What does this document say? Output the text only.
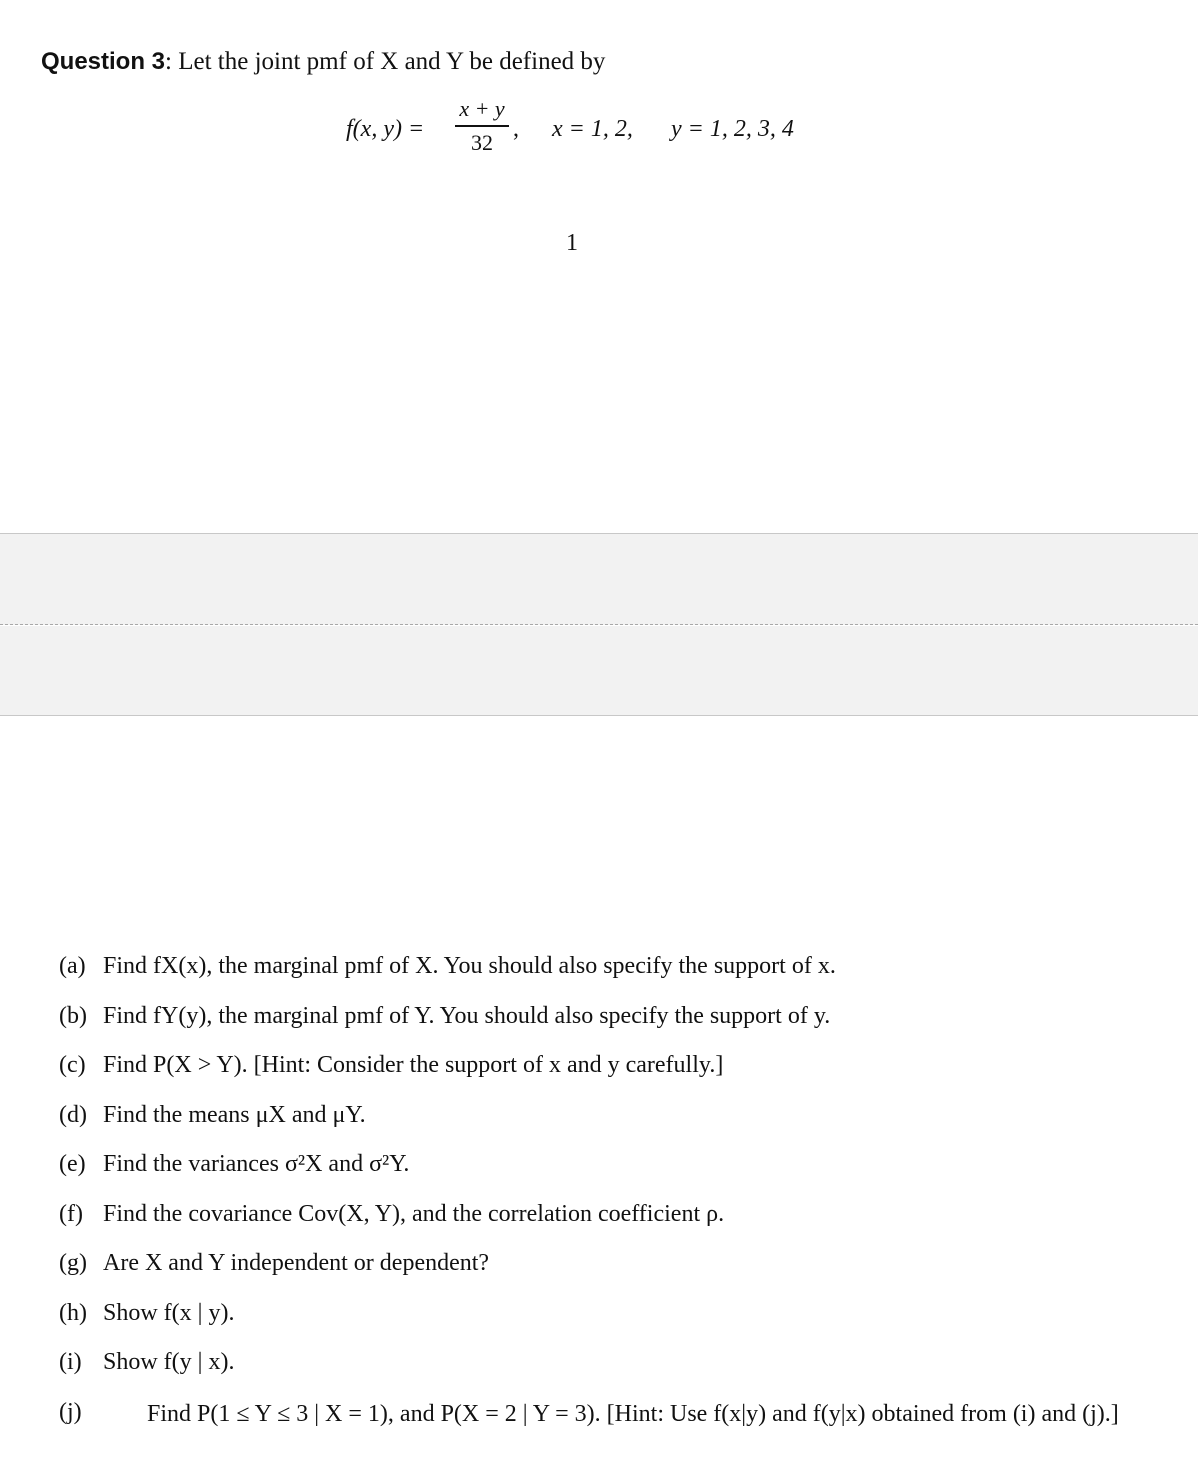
Question 3: Let the joint pmf of X and Y be defined by
f(x, y) =
x + y
32 , x = 1, 2, y = 1, 2, 3, 4
1
(a) Find fX(x), the marginal pmf of X. You should also specify the support of x.
(b) Find fY(y), the marginal pmf of Y. You should also specify the support of y.
(c) Find P(X > Y). [Hint: Consider the support of x and y carefully.]
(d) Find the means μX and μY.
(e) Find the variances σ²X and σ²Y.
(f) Find the covariance Cov(X, Y), and the correlation coefficient ρ.
(g) Are X and Y independent or dependent?
(h) Show f(x | y).
(i) Show f(y | x).
(j)	Find P(1 ≤ Y ≤ 3 | X = 1), and P(X = 2 | Y = 3). [Hint: Use f(x|y) and f(y|x) obtained from (i) and (j).]
